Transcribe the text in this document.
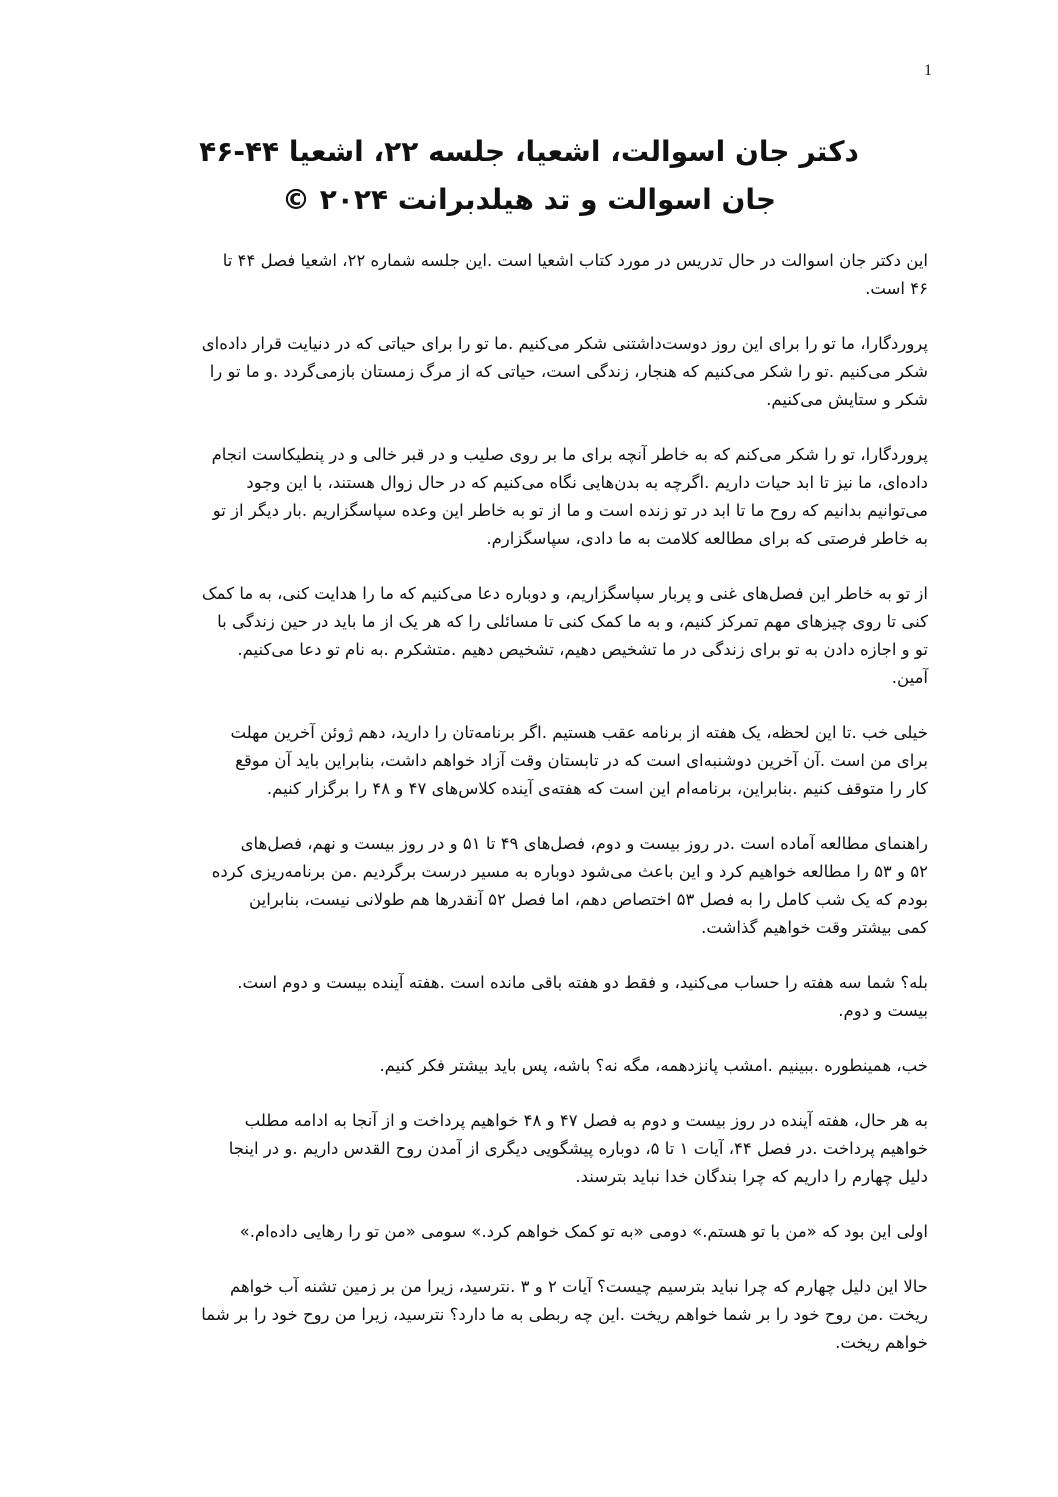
1
دکتر جان اسوالت، اشعیا، جلسه ۲۲، اشعیا ۴۴-۴۶
جان اسوالت و تد هیلدبرانت ۲۰۲۴ ©
این دکتر جان اسوالت در حال تدریس در مورد کتاب اشعیا است .این جلسه شماره ۲۲، اشعیا فصل ۴۴ تا
۴۶ است.
پروردگارا، ما تو را برای این روز دوست‌داشتنی شکر می‌کنیم .ما تو را برای حیاتی که در دنیایت قرار داده‌ای
شکر می‌کنیم .تو را شکر می‌کنیم که هنجار، زندگی است، حیاتی که از مرگ زمستان بازمی‌گردد .و ما تو را
شکر و ستایش می‌کنیم.
پروردگارا، تو را شکر می‌کنم که به خاطر آنچه برای ما بر روی صلیب و در قبر خالی و در پنطیکاست انجام
داده‌ای، ما نیز تا ابد حیات داریم .اگرچه به بدن‌هایی نگاه می‌کنیم که در حال زوال هستند، با این وجود
می‌توانیم بدانیم که روح ما تا ابد در تو زنده است و ما از تو به خاطر این وعده سپاسگزاریم .بار دیگر از تو
به خاطر فرصتی که برای مطالعه کلامت به ما دادی، سپاسگزارم.
از تو به خاطر این فصل‌های غنی و پربار سپاسگزاریم، و دوباره دعا می‌کنیم که ما را هدایت کنی، به ما کمک
کنی تا روی چیزهای مهم تمرکز کنیم، و به ما کمک کنی تا مسائلی را که هر یک از ما باید در حین زندگی با
تو و اجازه دادن به تو برای زندگی در ما تشخیص دهیم، تشخیص دهیم .متشکرم .به نام تو دعا می‌کنیم.
آمین.
خیلی خب .تا این لحظه، یک هفته از برنامه عقب هستیم .اگر برنامه‌تان را دارید، دهم ژوئن آخرین مهلت
برای من است .آن آخرین دوشنبه‌ای است که در تابستان وقت آزاد خواهم داشت، بنابراین باید آن موقع
کار را متوقف کنیم .بنابراین، برنامه‌ام این است که هفته‌ی آینده کلاس‌های ۴۷ و ۴۸ را برگزار کنیم.
راهنمای مطالعه آماده است .در روز بیست و دوم، فصل‌های ۴۹ تا ۵۱ و در روز بیست و نهم، فصل‌های
۵۲ و ۵۳ را مطالعه خواهیم کرد و این باعث می‌شود دوباره به مسیر درست برگردیم .من برنامه‌ریزی کرده
بودم که یک شب کامل را به فصل ۵۳ اختصاص دهم، اما فصل ۵۲ آنقدرها هم طولانی نیست، بنابراین
کمی بیشتر وقت خواهیم گذاشت.
بله؟ شما سه هفته را حساب می‌کنید، و فقط دو هفته باقی مانده است .هفته آینده بیست و دوم است.
بیست و دوم.
خب، همینطوره .ببینیم .امشب پانزدهمه، مگه نه؟ باشه، پس باید بیشتر فکر کنیم.
به هر حال، هفته آینده در روز بیست و دوم به فصل ۴۷ و ۴۸ خواهیم پرداخت و از آنجا به ادامه مطلب
خواهیم پرداخت .در فصل ۴۴، آیات ۱ تا ۵، دوباره پیشگویی دیگری از آمدن روح القدس داریم .و در اینجا
دلیل چهارم را داریم که چرا بندگان خدا نباید بترسند.
اولی این بود که «من با تو هستم.» دومی «به تو کمک خواهم کرد.» سومی «من تو را رهایی داده‌ام.»
حالا این دلیل چهارم که چرا نباید بترسیم چیست؟ آیات ۲ و ۳ .نترسید، زیرا من بر زمین تشنه آب خواهم
ریخت .من روح خود را بر شما خواهم ریخت .این چه ربطی به ما دارد؟ نترسید، زیرا من روح خود را بر شما
خواهم ریخت.
